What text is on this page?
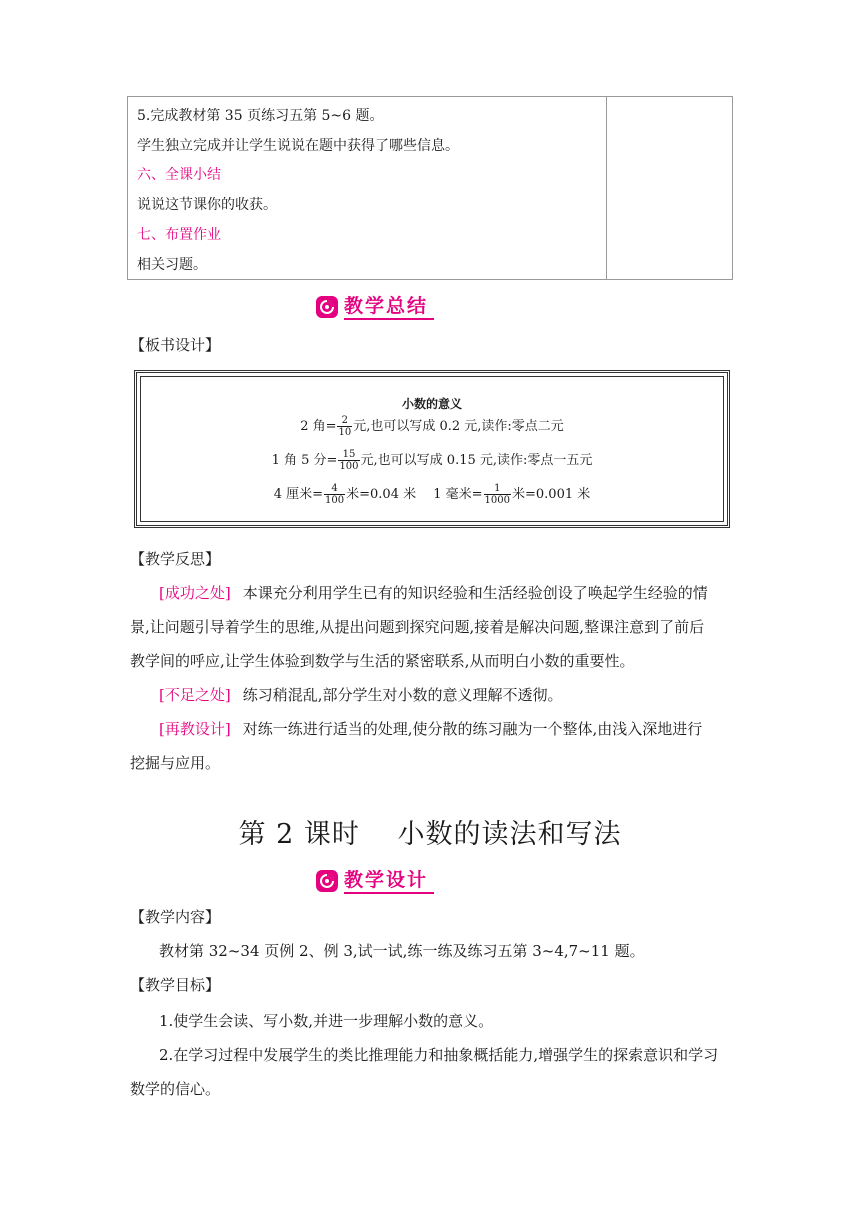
5.完成教材第 35 页练习五第 5~6 题。
学生独立完成并让学生说说在题中获得了哪些信息。
六、全课小结
说说这节课你的收获。
七、布置作业
相关习题。
教学总结
【板书设计】
小数的意义
2 角= $\frac{2}{10}$ 元,也可以写成 0.2 元,读作:零点二元
1 角 5 分= $\frac{15}{100}$ 元,也可以写成 0.15 元,读作:零点一五元
4 厘米= $\frac{4}{100}$ 米=0.04 米　 1 毫米= $\frac{1}{1000}$ 米=0.001 米
【教学反思】
[成功之处] 本课充分利用学生已有的知识经验和生活经验创设了唤起学生经验的情
景,让问题引导着学生的思维,从提出问题到探究问题,接着是解决问题,整课注意到了前后
教学间的呼应,让学生体验到数学与生活的紧密联系,从而明白小数的重要性。
[不足之处] 练习稍混乱,部分学生对小数的意义理解不透彻。
[再教设计] 对练一练进行适当的处理,使分散的练习融为一个整体,由浅入深地进行
挖掘与应用。
第 2 课时　 小数的读法和写法
教学设计
【教学内容】
教材第 32~34 页例 2、例 3,试一试,练一练及练习五第 3~4,7~11 题。
【教学目标】
1.使学生会读、写小数,并进一步理解小数的意义。
2.在学习过程中发展学生的类比推理能力和抽象概括能力,增强学生的探索意识和学习
数学的信心。
